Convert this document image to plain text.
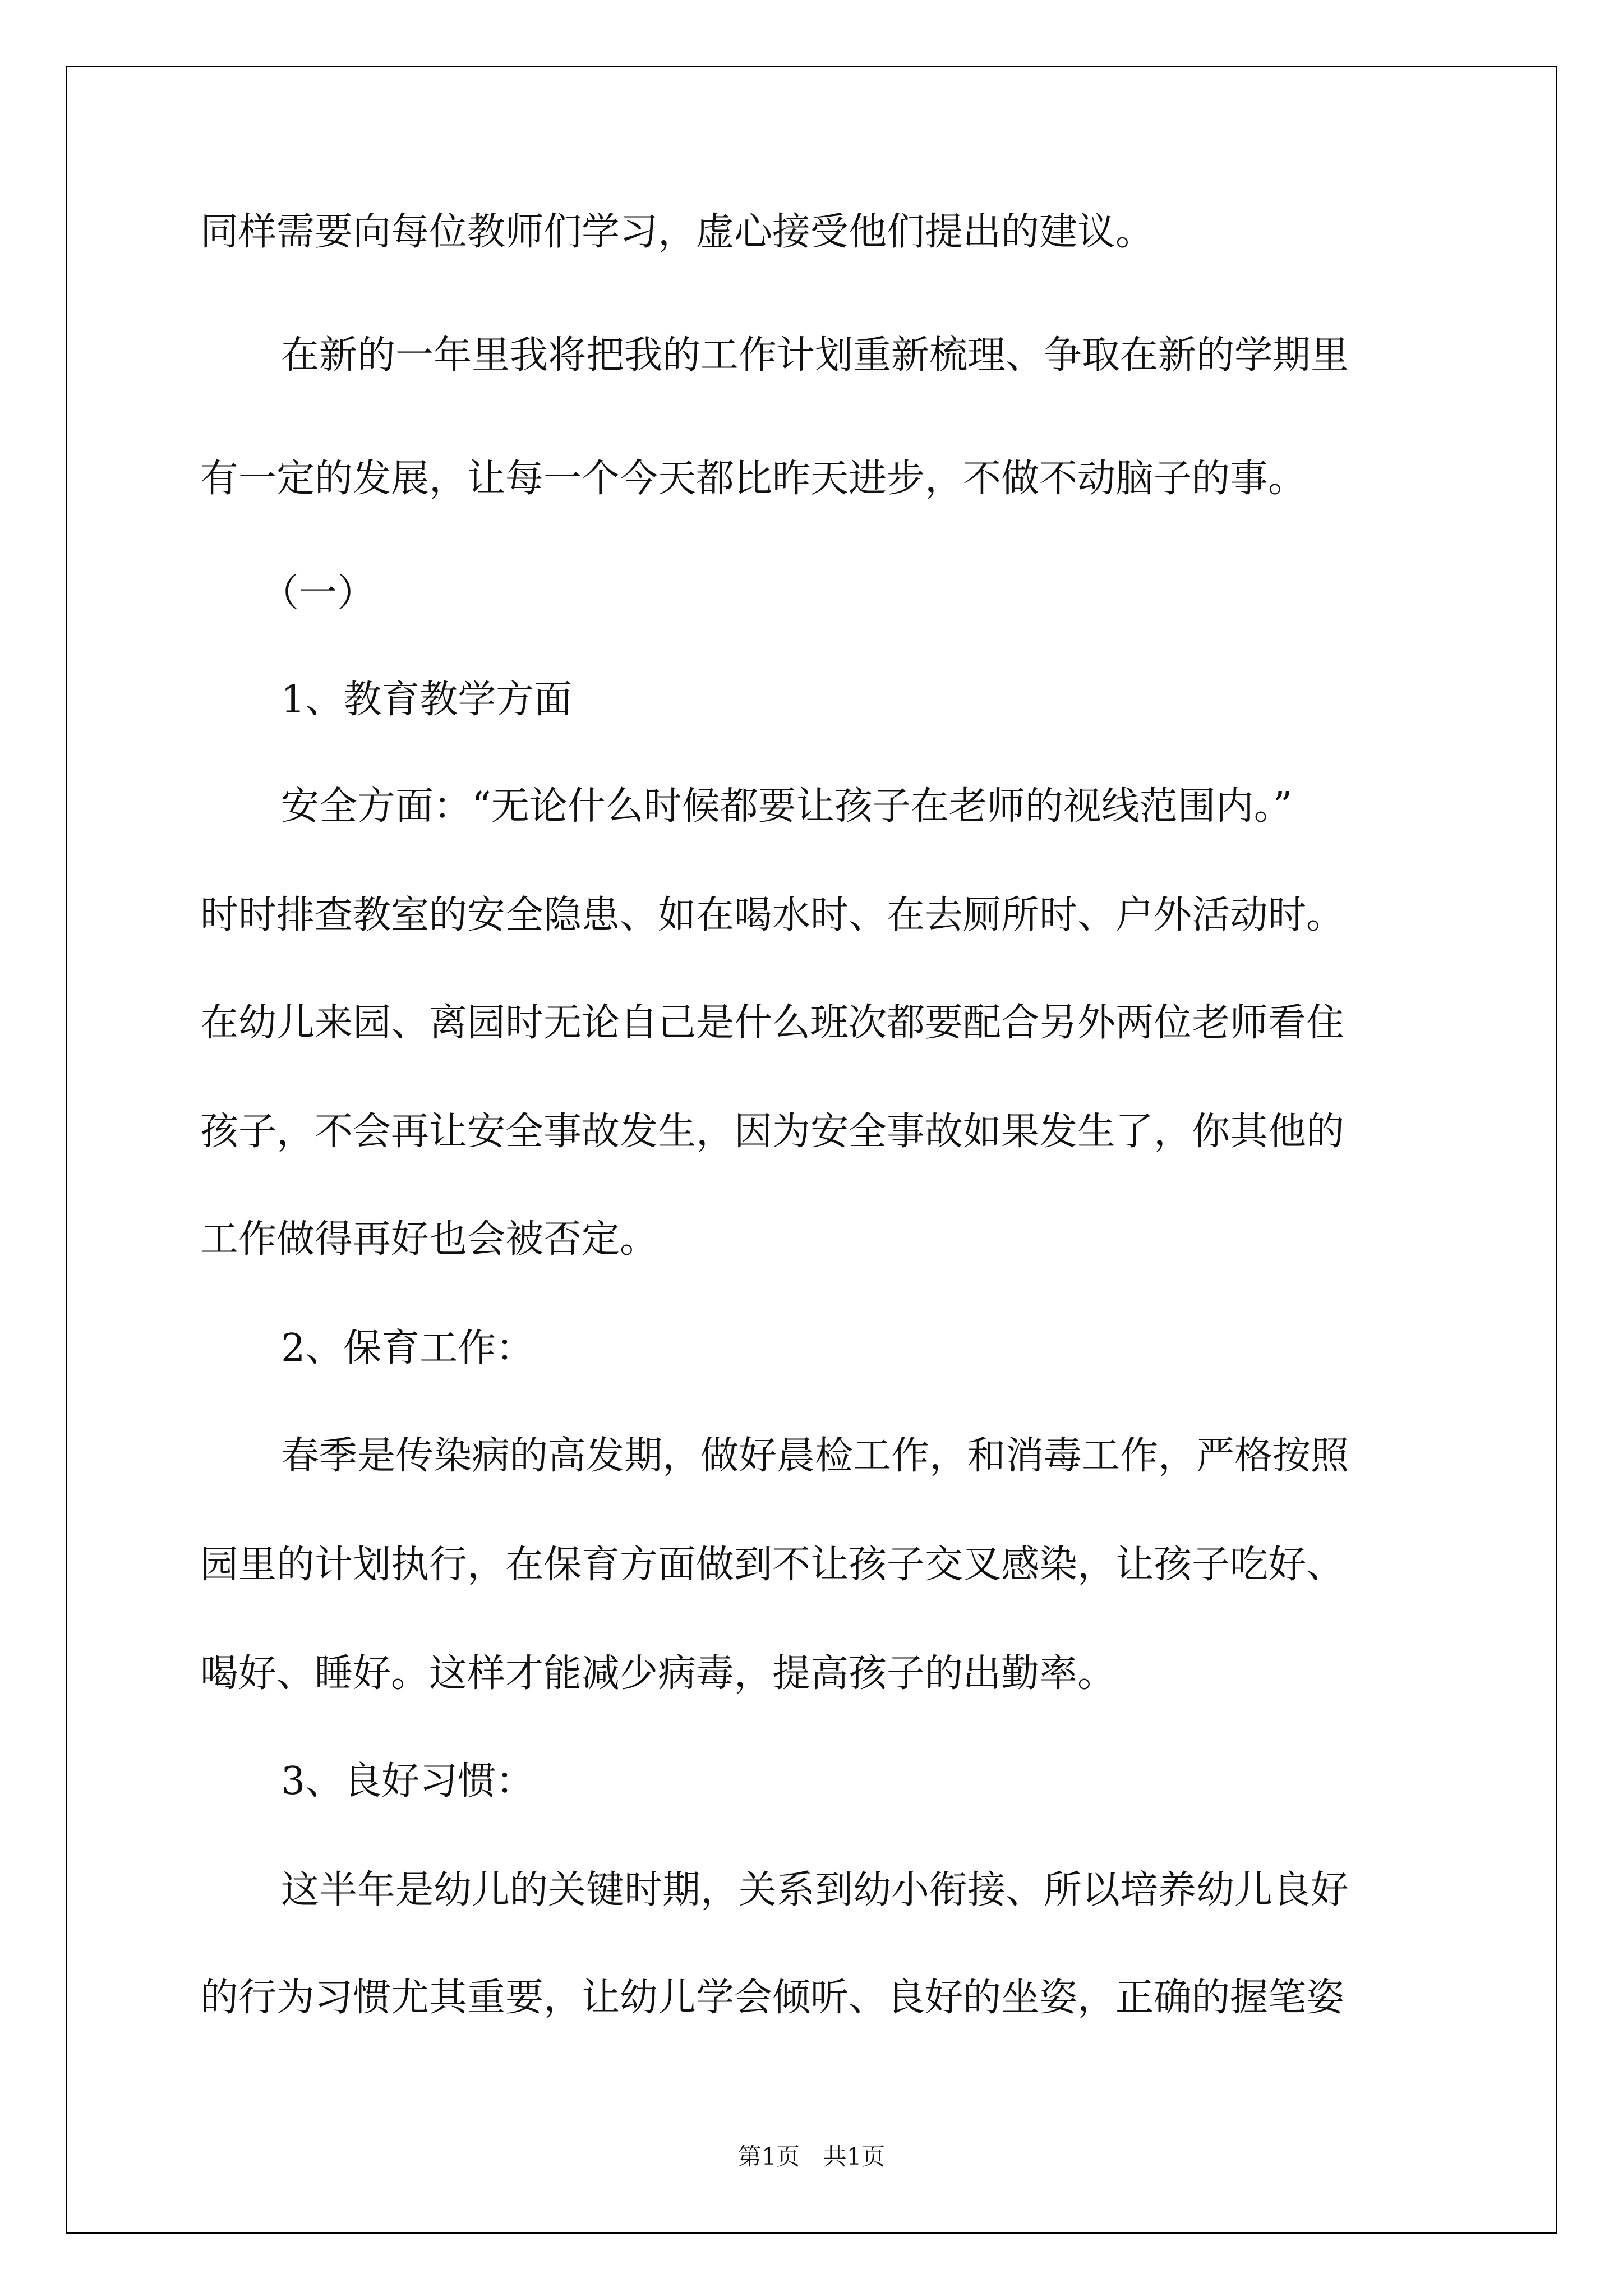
同样需要向每位教师们学习，虚心接受他们提出的建议。
在新的一年里我将把我的工作计划重新梳理、争取在新的学期里
有一定的发展，让每一个今天都比昨天进步，不做不动脑子的事。
（一）
1、教育教学方面
安全方面：“无论什么时候都要让孩子在老师的视线范围内。”
时时排查教室的安全隐患、如在喝水时、在去厕所时、户外活动时。
在幼儿来园、离园时无论自己是什么班次都要配合另外两位老师看住
孩子，不会再让安全事故发生，因为安全事故如果发生了，你其他的
工作做得再好也会被否定。
2、保育工作：
春季是传染病的高发期，做好晨检工作，和消毒工作，严格按照
园里的计划执行，在保育方面做到不让孩子交叉感染，让孩子吃好、
喝好、睡好。这样才能减少病毒，提高孩子的出勤率。
3、良好习惯：
这半年是幼儿的关键时期，关系到幼小衔接、所以培养幼儿良好
的行为习惯尤其重要，让幼儿学会倾听、良好的坐姿，正确的握笔姿
第1页 共1页
